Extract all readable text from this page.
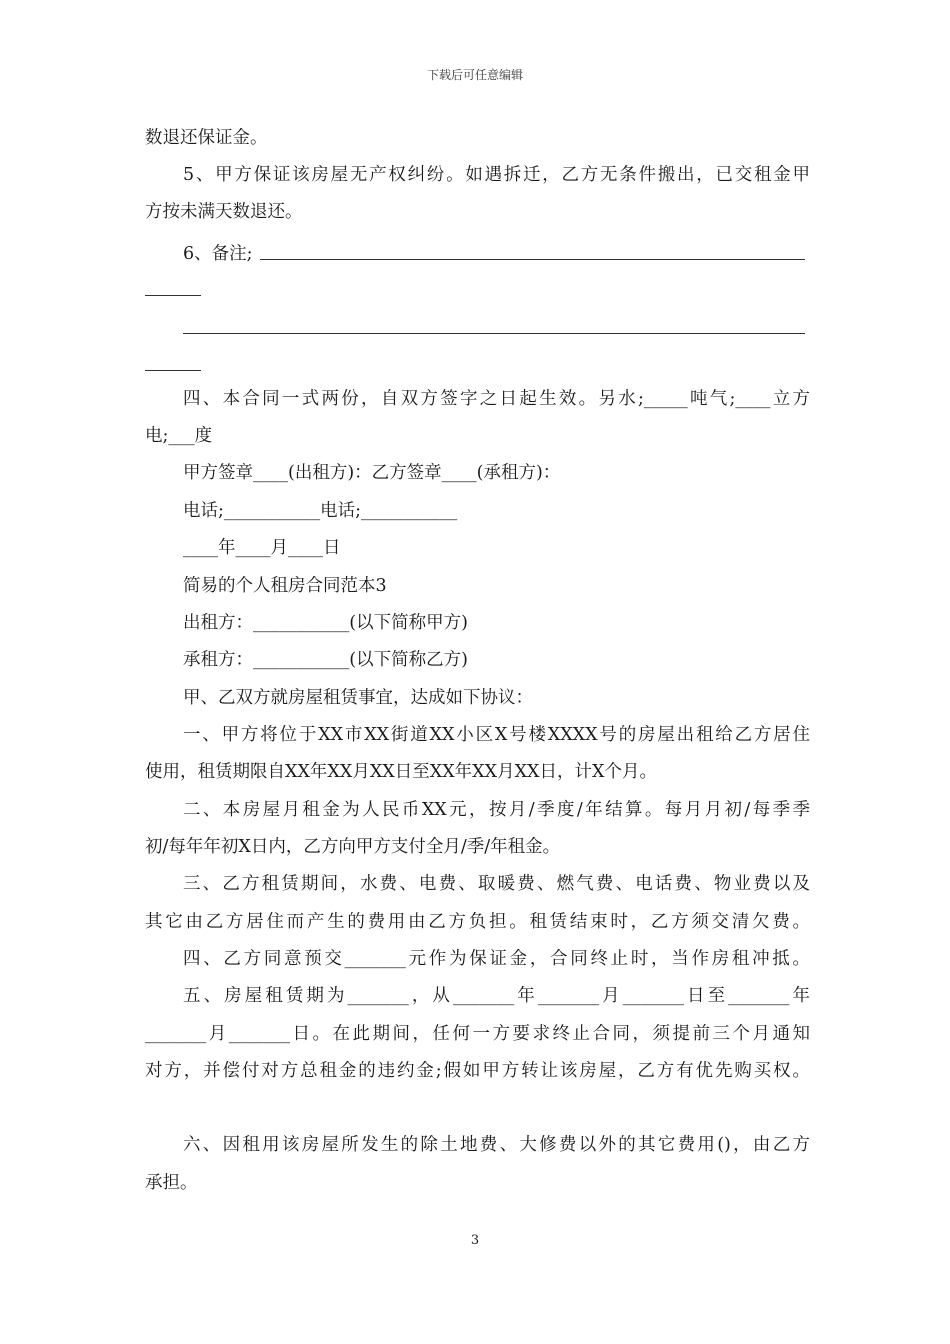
下载后可任意编辑
数退还保证金。
5、甲方保证该房屋无产权纠纷。如遇拆迁，乙方无条件搬出，已交租金甲
方按未满天数退还。
6、备注;
四、本合同一式两份，自双方签字之日起生效。另水;_____吨气;____立方
电;___度
甲方签章____(出租方)：乙方签章____(承租方)：
电话;___________电话;___________
____年____月____日
简易的个人租房合同范本3
出租方：___________(以下简称甲方)
承租方：___________(以下简称乙方)
甲、乙双方就房屋租赁事宜，达成如下协议：
一、甲方将位于XX市XX街道XX小区X号楼XXXX号的房屋出租给乙方居住
使用，租赁期限自XX年XX月XX日至XX年XX月XX日，计X个月。
二、本房屋月租金为人民币XX元，按月/季度/年结算。每月月初/每季季
初/每年年初X日内，乙方向甲方支付全月/季/年租金。
三、乙方租赁期间，水费、电费、取暖费、燃气费、电话费、物业费以及
其它由乙方居住而产生的费用由乙方负担。租赁结束时，乙方须交清欠费。
四、乙方同意预交_______元作为保证金，合同终止时，当作房租冲抵。
五、房屋租赁期为_______，从_______年_______月_______日至_______年
_______月_______日。在此期间，任何一方要求终止合同，须提前三个月通知
对方，并偿付对方总租金的违约金;假如甲方转让该房屋，乙方有优先购买权。
六、因租用该房屋所发生的除土地费、大修费以外的其它费用()，由乙方
承担。
3
